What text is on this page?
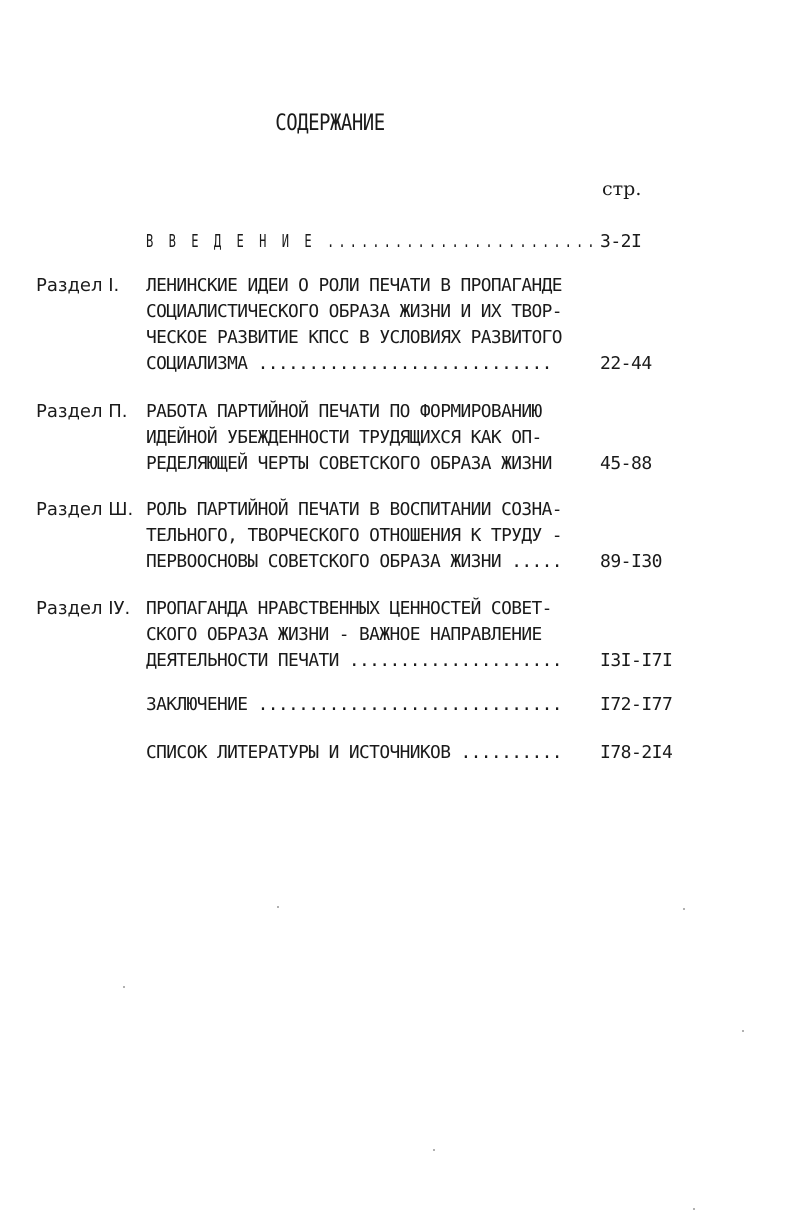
СОДЕРЖАНИЕ
стр.
В В Е Д Е Н И Е ........................ 3-2I
Раздел I.	ЛЕНИНСКИЕ ИДЕИ О РОЛИ ПЕЧАТИ В ПРОПАГАНДЕ
СОЦИАЛИСТИЧЕСКОГО ОБРАЗА ЖИЗНИ И ИХ ТВОР-
ЧЕСКОЕ РАЗВИТИЕ КПСС В УСЛОВИЯХ РАЗВИТОГО
СОЦИАЛИЗМА .............................	22-44
Раздел П.	РАБОТА ПАРТИЙНОЙ ПЕЧАТИ ПО ФОРМИРОВАНИЮ
ИДЕЙНОЙ УБЕЖДЕННОСТИ ТРУДЯЩИХСЯ КАК ОП-
РЕДЕЛЯЮЩЕЙ ЧЕРТЫ СОВЕТСКОГО ОБРАЗА ЖИЗНИ	45-88
Раздел Ш. РОЛЬ ПАРТИЙНОЙ ПЕЧАТИ В ВОСПИТАНИИ СОЗНА-
ТЕЛЬНОГО, ТВОРЧЕСКОГО ОТНОШЕНИЯ К ТРУДУ -
ПЕРВООСНОВЫ СОВЕТСКОГО ОБРАЗА ЖИЗНИ .....	89-I30
Раздел IУ. ПРОПАГАНДА НРАВСТВЕННЫХ ЦЕННОСТЕЙ СОВЕТ-
СКОГО ОБРАЗА ЖИЗНИ - ВАЖНОЕ НАПРАВЛЕНИЕ
ДЕЯТЕЛЬНОСТИ ПЕЧАТИ .....................	I3I-I7I
ЗАКЛЮЧЕНИЕ ..............................	I72-I77
СПИСОК ЛИТЕРАТУРЫ И ИСТОЧНИКОВ ..........	I78-2I4
